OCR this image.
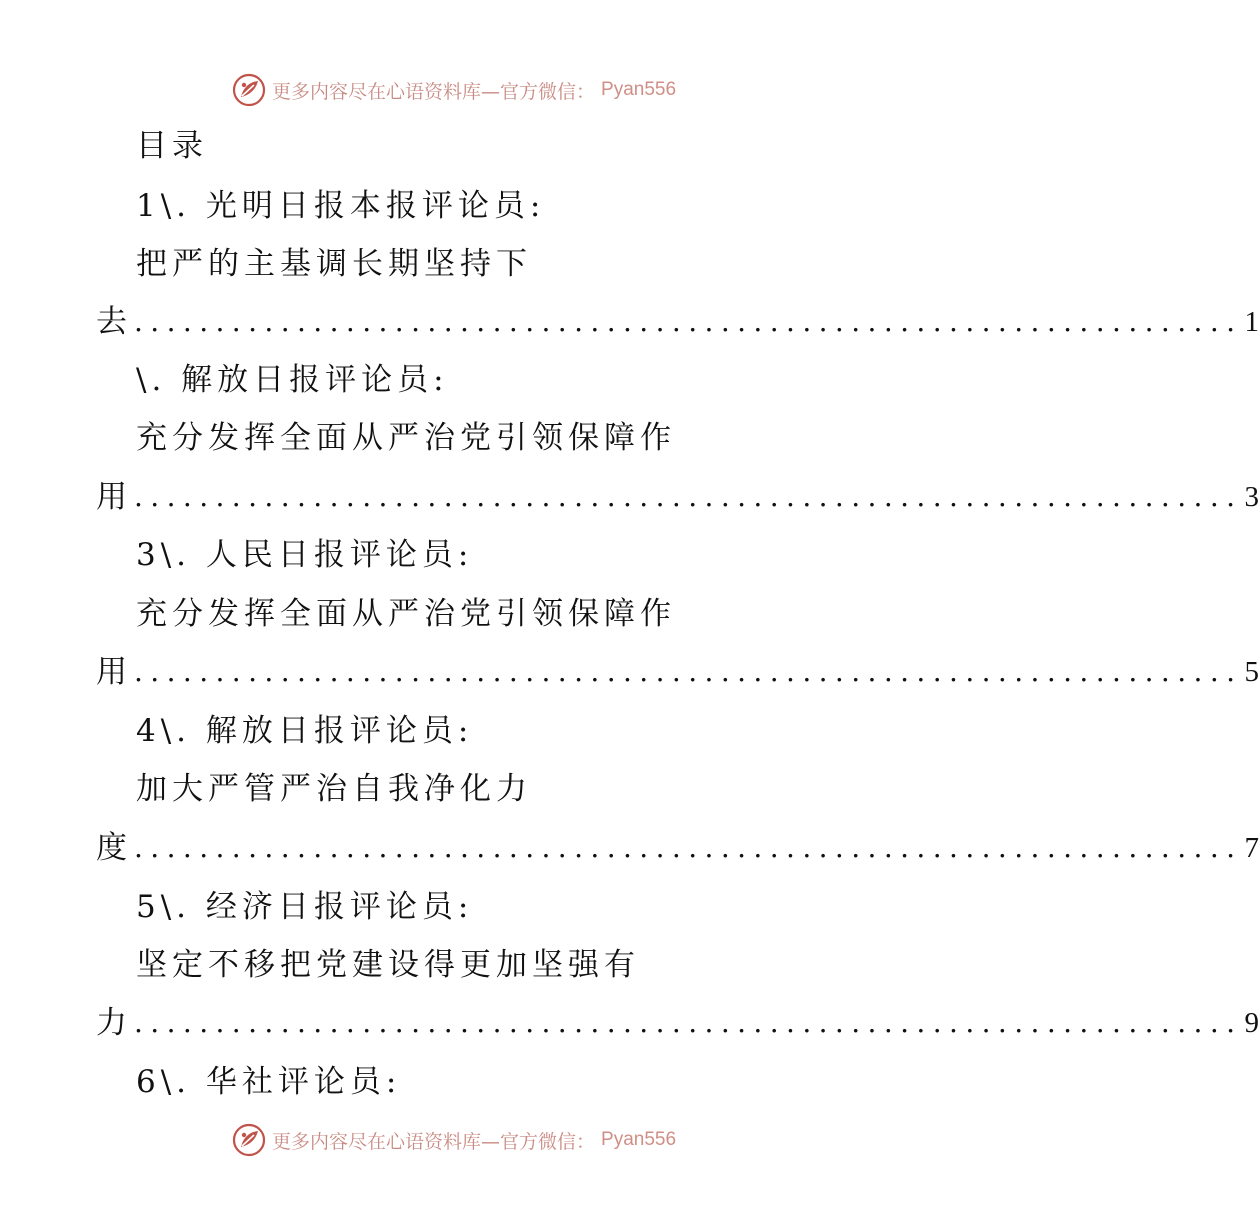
更多内容尽在心语资料库—官方微信： Pyan556
目录
1\. 光明日报本报评论员:
把严的主基调长期坚持下
去 .................................................................... 1
\. 解放日报评论员:
充分发挥全面从严治党引领保障作
用 .................................................................... 3
3\. 人民日报评论员:
充分发挥全面从严治党引领保障作
用 .................................................................... 5
4\. 解放日报评论员:
加大严管严治自我净化力
度 .................................................................... 7
5\. 经济日报评论员:
坚定不移把党建设得更加坚强有
力 .................................................................... 9
6\. 华社评论员:
更多内容尽在心语资料库—官方微信： Pyan556
